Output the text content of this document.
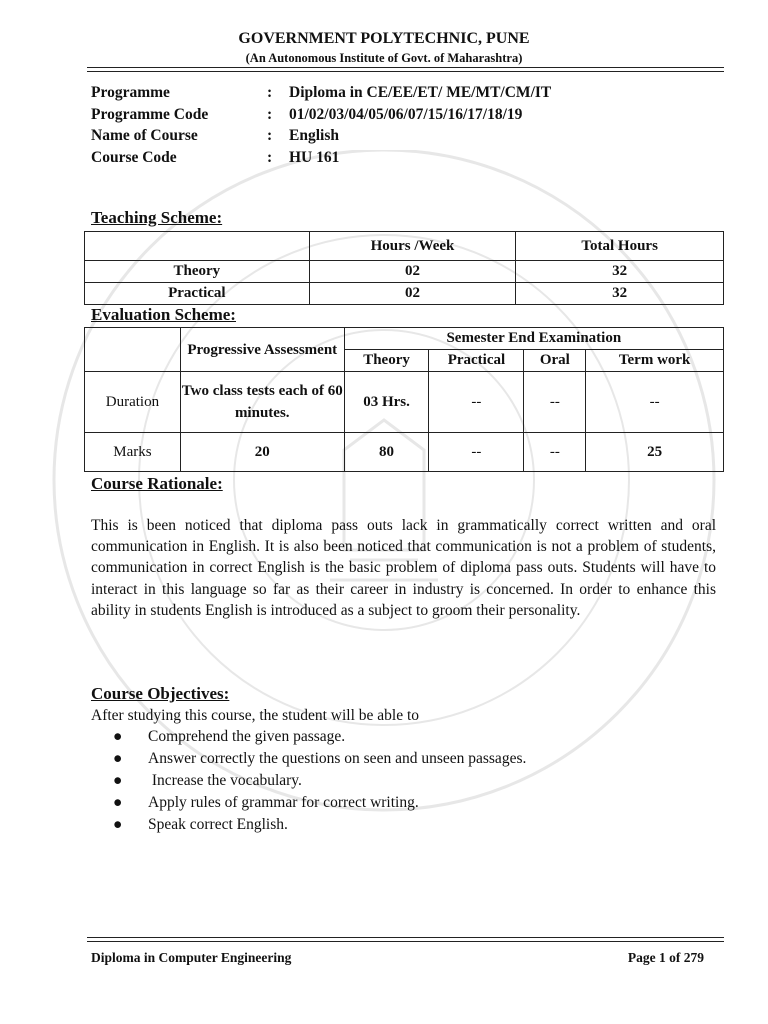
GOVERNMENT POLYTECHNIC, PUNE
(An Autonomous Institute of Govt. of Maharashtra)
Programme	: Diploma in CE/EE/ET/ ME/MT/CM/IT
Programme Code	: 01/02/03/04/05/06/07/15/16/17/18/19
Name of Course	: English
Course Code	: HU 161
Teaching Scheme:
	Hours /Week	Total Hours
Theory	02	32
Practical	02	32
Evaluation Scheme:
	Progressive Assessment	Semester End Examination			
		Theory	Practical	Oral	Term work
Duration	Two class tests each of 60 minutes.	03 Hrs.	--	--	--
Marks	20	80	--	--	25
Course Rationale:

This is been noticed that diploma pass outs lack in grammatically correct written and oral communication in English. It is also been noticed that communication is not a problem of students, communication in correct English is the basic problem of diploma pass outs. Students will have to interact in this language so far as their career in industry is concerned. In order to enhance this ability in students English is introduced as a subject to groom their personality.

Course Objectives:
After studying this course, the student will be able to
● Comprehend the given passage.
● Answer correctly the questions on seen and unseen passages.
● Increase the vocabulary.
● Apply rules of grammar for correct writing.
● Speak correct English.
Diploma in Computer Engineering	Page 1 of 279
